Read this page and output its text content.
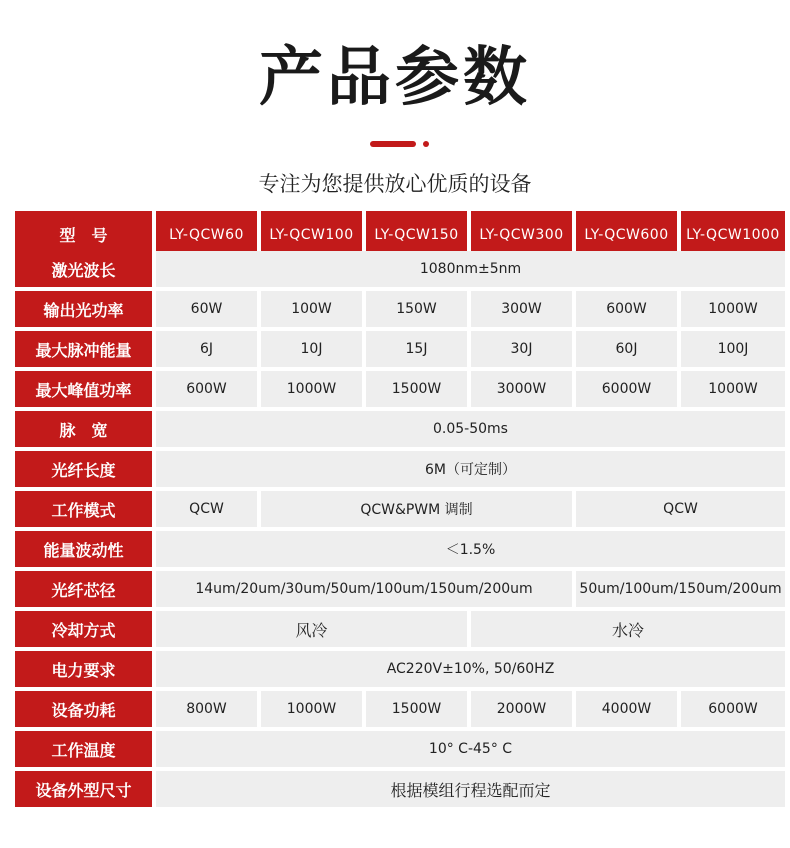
产品参数
专注为您提供放心优质的设备
型　号	LY-QCW60	LY-QCW100	LY-QCW150	LY-QCW300	LY-QCW600	LY-QCW1000
激光波长	1080nm±5nm
输出光功率	60W	100W	150W	300W	600W	1000W
最大脉冲能量	6J	10J	15J	30J	60J	100J
最大峰值功率	600W	1000W	1500W	3000W	6000W	1000W
脉　宽	0.05-50ms
光纤长度	6M（可定制）
工作模式	QCW	QCW&PWM 调制	QCW
能量波动性	＜1.5%
光纤芯径	14um/20um/30um/50um/100um/150um/200um	50um/100um/150um/200um
冷却方式	风冷	水冷
电力要求	AC220V±10%, 50/60HZ
设备功耗	800W	1000W	1500W	2000W	4000W	6000W
工作温度	10° C-45° C
设备外型尺寸	根据模组行程选配而定
